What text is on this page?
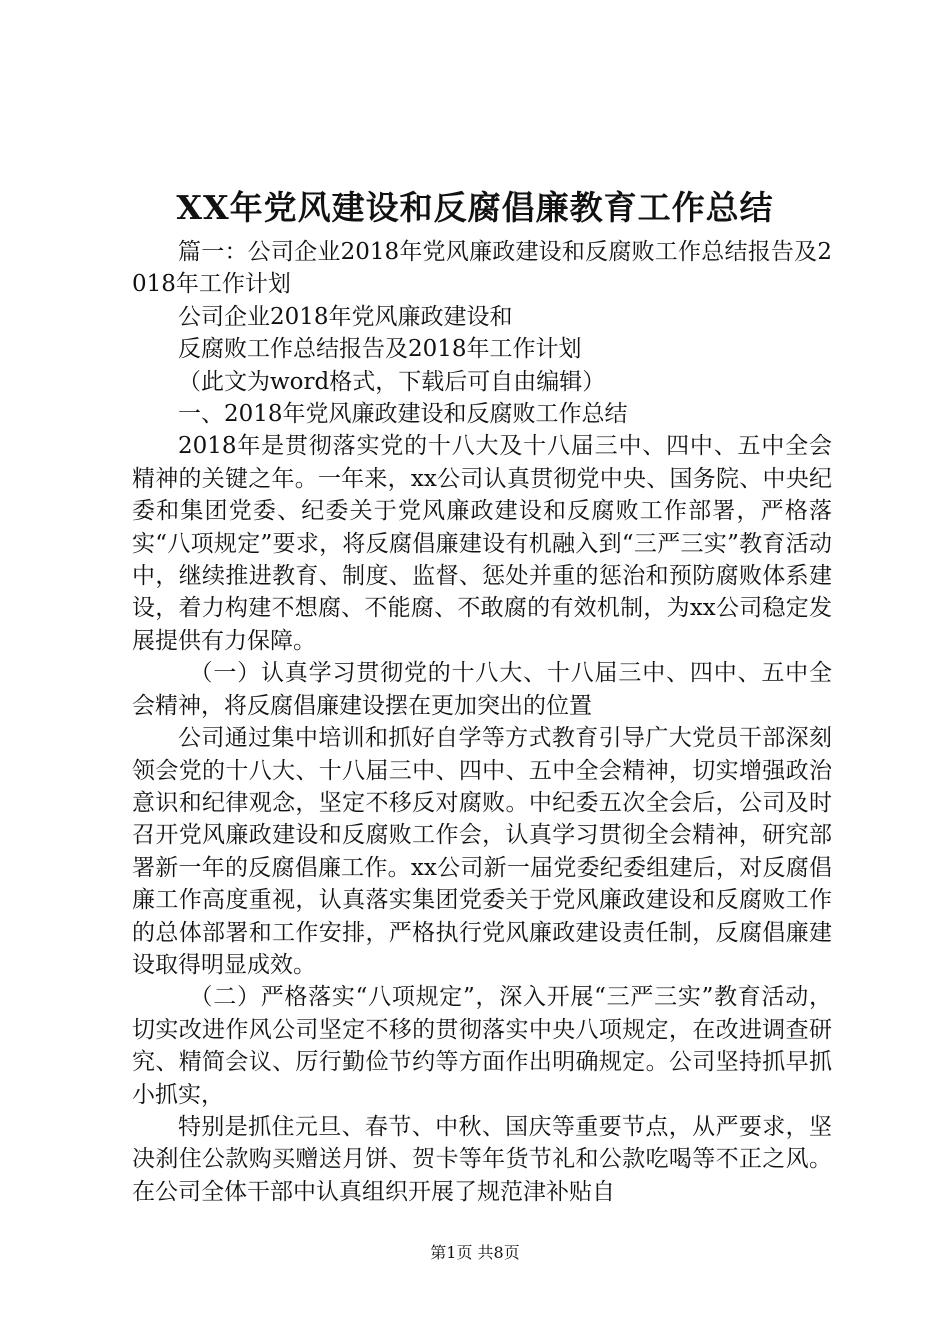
XX年党风建设和反腐倡廉教育工作总结

篇一：公司企业2018年党风廉政建设和反腐败工作总结报告及2018年工作计划

公司企业2018年党风廉政建设和

反腐败工作总结报告及2018年工作计划

（此文为word格式，下载后可自由编辑）

一、2018年党风廉政建设和反腐败工作总结

2018年是贯彻落实党的十八大及十八届三中、四中、五中全会精神的关键之年。一年来，xx公司认真贯彻党中央、国务院、中央纪委和集团党委、纪委关于党风廉政建设和反腐败工作部署，严格落实“八项规定”要求，将反腐倡廉建设有机融入到“三严三实”教育活动中，继续推进教育、制度、监督、惩处并重的惩治和预防腐败体系建设，着力构建不想腐、不能腐、不敢腐的有效机制，为xx公司稳定发展提供有力保障。

（一）认真学习贯彻党的十八大、十八届三中、四中、五中全会精神，将反腐倡廉建设摆在更加突出的位置

公司通过集中培训和抓好自学等方式教育引导广大党员干部深刻领会党的十八大、十八届三中、四中、五中全会精神，切实增强政治意识和纪律观念，坚定不移反对腐败。中纪委五次全会后，公司及时召开党风廉政建设和反腐败工作会，认真学习贯彻全会精神，研究部署新一年的反腐倡廉工作。xx公司新一届党委纪委组建后，对反腐倡廉工作高度重视，认真落实集团党委关于党风廉政建设和反腐败工作的总体部署和工作安排，严格执行党风廉政建设责任制，反腐倡廉建设取得明显成效。

（二）严格落实“八项规定”，深入开展“三严三实”教育活动，切实改进作风公司坚定不移的贯彻落实中央八项规定，在改进调查研究、精简会议、厉行勤俭节约等方面作出明确规定。公司坚持抓早抓小抓实，

特别是抓住元旦、春节、中秋、国庆等重要节点，从严要求，坚决刹住公款购买赠送月饼、贺卡等年货节礼和公款吃喝等不正之风。在公司全体干部中认真组织开展了规范津补贴自

第1页 共8页
